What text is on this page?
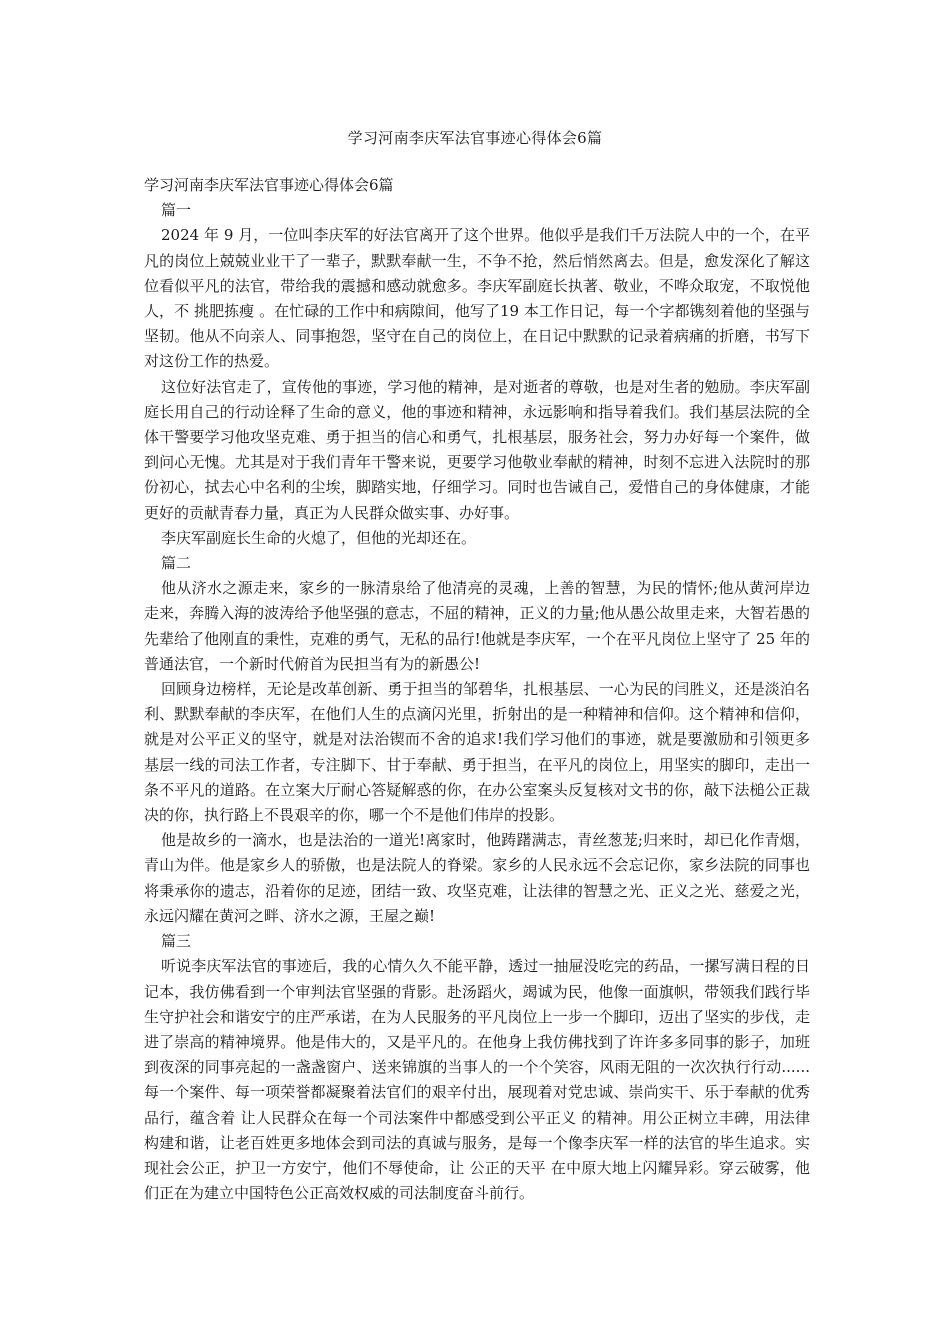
学习河南李庆军法官事迹心得体会6篇

学习河南李庆军法官事迹心得体会6篇

篇一

2024 年 9 月，一位叫李庆军的好法官离开了这个世界。他似乎是我们千万法院人中的一个，在平凡的岗位上兢兢业业干了一辈子，默默奉献一生，不争不抢，然后悄然离去。但是，愈发深化了解这位看似平凡的法官，带给我的震撼和感动就愈多。李庆军副庭长执著、敬业，不哗众取宠，不取悦他人，不 挑肥拣瘦 。在忙碌的工作中和病隙间，他写了19 本工作日记，每一个字都镌刻着他的坚强与坚韧。他从不向亲人、同事抱怨，坚守在自己的岗位上，在日记中默默的记录着病痛的折磨，书写下对这份工作的热爱。

这位好法官走了，宣传他的事迹，学习他的精神，是对逝者的尊敬，也是对生者的勉励。李庆军副庭长用自己的行动诠释了生命的意义，他的事迹和精神，永远影响和指导着我们。我们基层法院的全体干警要学习他攻坚克难、勇于担当的信心和勇气，扎根基层，服务社会，努力办好每一个案件，做到问心无愧。尤其是对于我们青年干警来说，更要学习他敬业奉献的精神，时刻不忘进入法院时的那份初心，拭去心中名利的尘埃，脚踏实地，仔细学习。同时也告诫自己，爱惜自己的身体健康，才能更好的贡献青春力量，真正为人民群众做实事、办好事。

李庆军副庭长生命的火熄了，但他的光却还在。

篇二

他从济水之源走来，家乡的一脉清泉给了他清亮的灵魂，上善的智慧，为民的情怀;他从黄河岸边走来，奔腾入海的波涛给予他坚强的意志，不屈的精神，正义的力量;他从愚公故里走来，大智若愚的先辈给了他刚直的秉性，克难的勇气，无私的品行!他就是李庆军，一个在平凡岗位上坚守了 25 年的普通法官，一个新时代俯首为民担当有为的新愚公!

回顾身边榜样，无论是改革创新、勇于担当的邹碧华，扎根基层、一心为民的闫胜义，还是淡泊名利、默默奉献的李庆军，在他们人生的点滴闪光里，折射出的是一种精神和信仰。这个精神和信仰，就是对公平正义的坚守，就是对法治锲而不舍的追求!我们学习他们的事迹，就是要激励和引领更多基层一线的司法工作者，专注脚下、甘于奉献、勇于担当，在平凡的岗位上，用坚实的脚印，走出一条不平凡的道路。在立案大厅耐心答疑解惑的你，在办公室案头反复核对文书的你，敲下法槌公正裁决的你，执行路上不畏艰辛的你，哪一个不是他们伟岸的投影。

他是故乡的一滴水，也是法治的一道光!离家时，他踌躇满志，青丝葱茏;归来时，却已化作青烟，青山为伴。他是家乡人的骄傲，也是法院人的脊梁。家乡的人民永远不会忘记你，家乡法院的同事也将秉承你的遗志，沿着你的足迹，团结一致、攻坚克难，让法律的智慧之光、正义之光、慈爱之光，永远闪耀在黄河之畔、济水之源，王屋之巅!

篇三

听说李庆军法官的事迹后，我的心情久久不能平静，透过一抽屉没吃完的药品，一摞写满日程的日记本，我仿佛看到一个审判法官坚强的背影。赴汤蹈火，竭诚为民，他像一面旗帜，带领我们践行毕生守护社会和谐安宁的庄严承诺，在为人民服务的平凡岗位上一步一个脚印，迈出了坚实的步伐，走进了崇高的精神境界。他是伟大的，又是平凡的。在他身上我仿佛找到了许许多多同事的影子，加班到夜深的同事亮起的一盏盏窗户、送来锦旗的当事人的一个个笑容，风雨无阻的一次次执行行动......每一个案件、每一项荣誉都凝聚着法官们的艰辛付出，展现着对党忠诚、崇尚实干、乐于奉献的优秀品行，蕴含着 让人民群众在每一个司法案件中都感受到公平正义 的精神。用公正树立丰碑，用法律构建和谐，让老百姓更多地体会到司法的真诚与服务，是每一个像李庆军一样的法官的毕生追求。实现社会公正，护卫一方安宁，他们不辱使命，让 公正的天平 在中原大地上闪耀异彩。穿云破雾，他们正在为建立中国特色公正高效权威的司法制度奋斗前行。
